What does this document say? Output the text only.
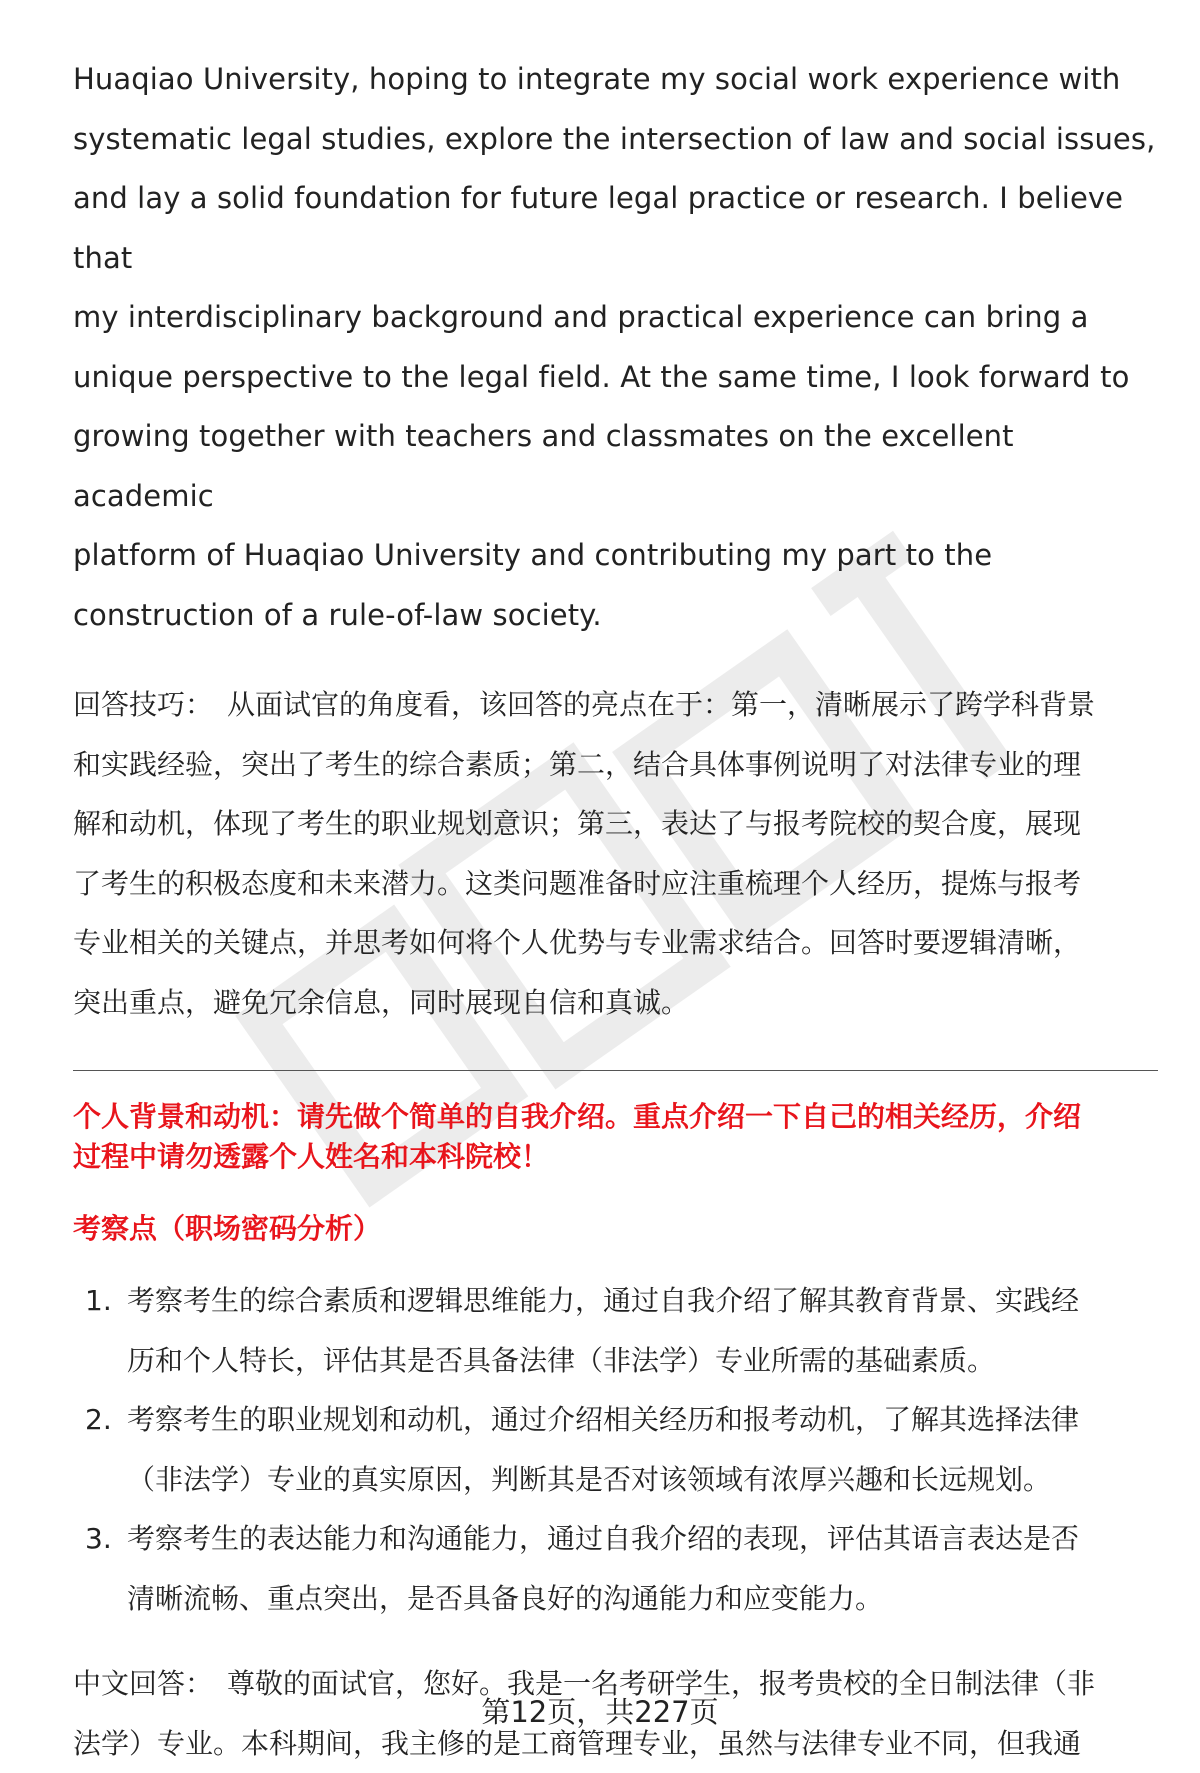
Huaqiao University, hoping to integrate my social work experience with
systematic legal studies, explore the intersection of law and social issues,
and lay a solid foundation for future legal practice or research. I believe that
my interdisciplinary background and practical experience can bring a
unique perspective to the legal field. At the same time, I look forward to
growing together with teachers and classmates on the excellent academic
platform of Huaqiao University and contributing my part to the
construction of a rule-of-law society.
回答技巧： 从面试官的角度看，该回答的亮点在于：第一，清晰展示了跨学科背景
和实践经验，突出了考生的综合素质；第二，结合具体事例说明了对法律专业的理
解和动机，体现了考生的职业规划意识；第三，表达了与报考院校的契合度，展现
了考生的积极态度和未来潜力。这类问题准备时应注重梳理个人经历，提炼与报考
专业相关的关键点，并思考如何将个人优势与专业需求结合。回答时要逻辑清晰，
突出重点，避免冗余信息，同时展现自信和真诚。
个人背景和动机：请先做个简单的自我介绍。重点介绍一下自己的相关经历，介绍
过程中请勿透露个人姓名和本科院校！
考察点（职场密码分析）
1. 考察考生的综合素质和逻辑思维能力，通过自我介绍了解其教育背景、实践经
历和个人特长，评估其是否具备法律（非法学）专业所需的基础素质。
2. 考察考生的职业规划和动机，通过介绍相关经历和报考动机，了解其选择法律
（非法学）专业的真实原因，判断其是否对该领域有浓厚兴趣和长远规划。
3. 考察考生的表达能力和沟通能力，通过自我介绍的表现，评估其语言表达是否
清晰流畅、重点突出，是否具备良好的沟通能力和应变能力。
中文回答： 尊敬的面试官，您好。我是一名考研学生，报考贵校的全日制法律（非
法学）专业。本科期间，我主修的是工商管理专业，虽然与法律专业不同，但我通
第12页，共227页
